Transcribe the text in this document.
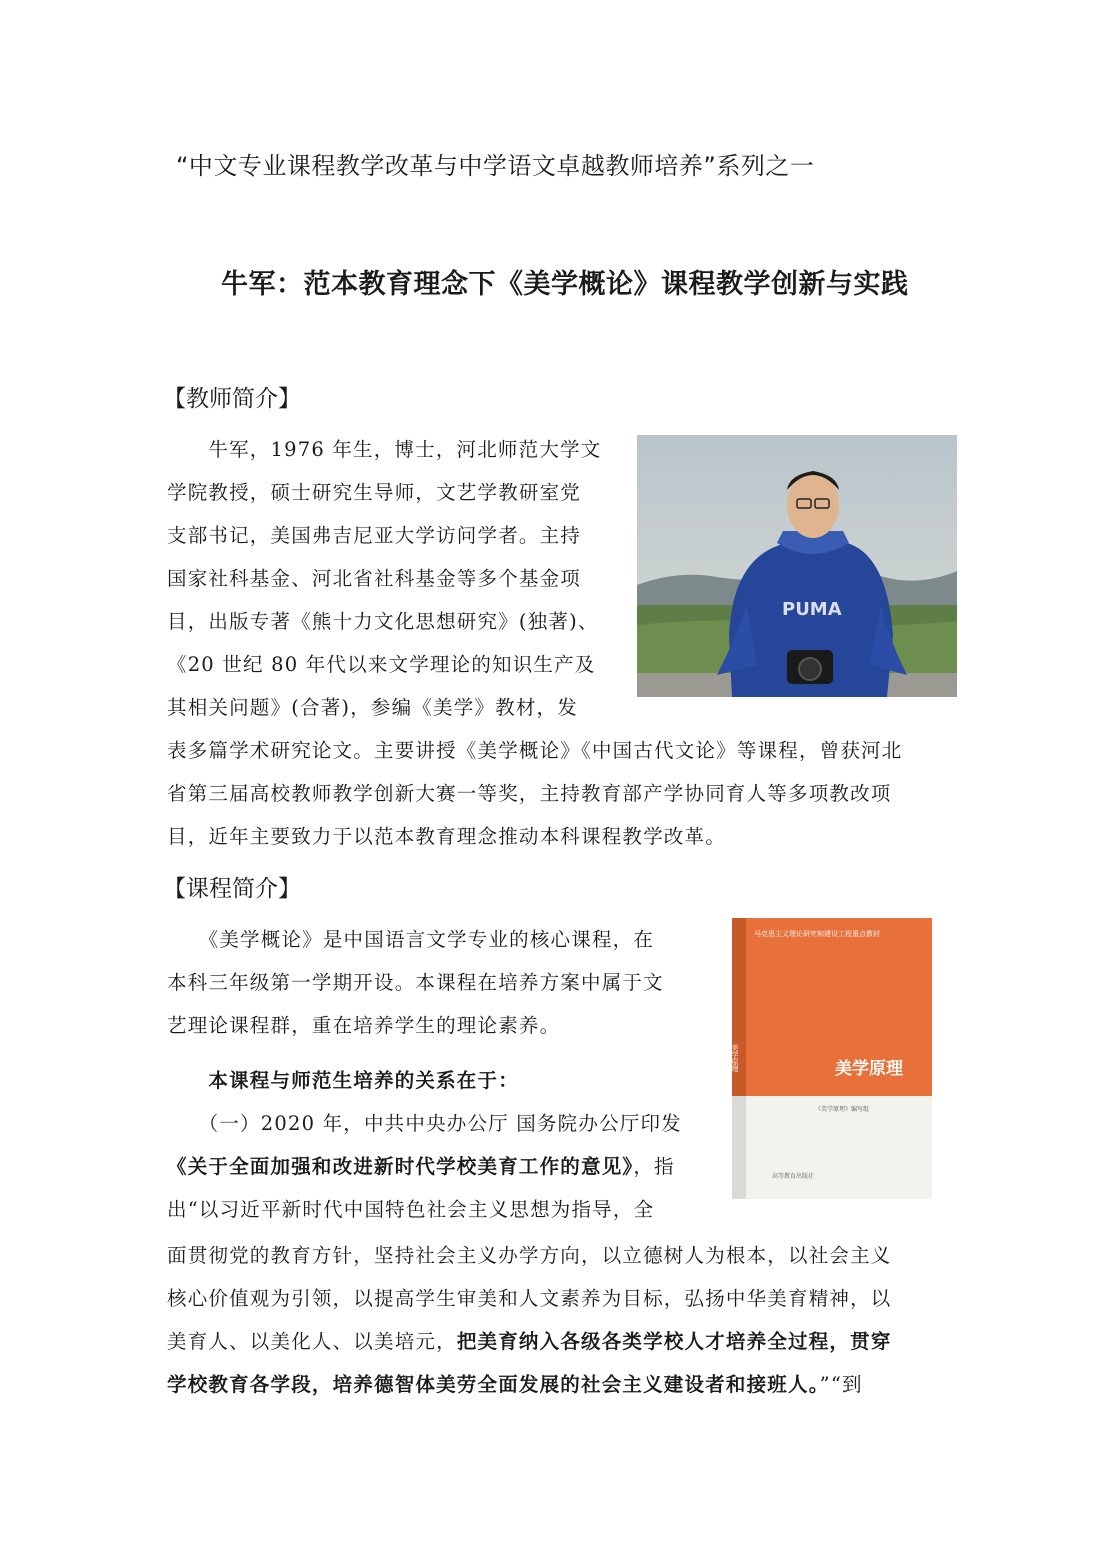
“中文专业课程教学改革与中学语文卓越教师培养”系列之一
牛军：范本教育理念下《美学概论》课程教学创新与实践
【教师简介】
　　牛军，1976 年生，博士，河北师范大学文
学院教授，硕士研究生导师，文艺学教研室党
支部书记，美国弗吉尼亚大学访问学者。主持
国家社科基金、河北省社科基金等多个基金项
目，出版专著《熊十力文化思想研究》(独著)、
《20 世纪 80 年代以来文学理论的知识生产及
其相关问题》(合著)，参编《美学》教材，发
表多篇学术研究论文。主要讲授《美学概论》《中国古代文论》等课程，曾获河北
省第三届高校教师教学创新大赛一等奖，主持教育部产学协同育人等多项教改项
目，近年主要致力于以范本教育理念推动本科课程教学改革。
PUMA
【课程简介】
　　《美学概论》是中国语言文学专业的核心课程，在
本科三年级第一学期开设。本课程在培养方案中属于文
艺理论课程群，重在培养学生的理论素养。
　　本课程与师范生培养的关系在于：
　　（一）2020 年，中共中央办公厅 国务院办公厅印发
《关于全面加强和改进新时代学校美育工作的意见》，指
出“以习近平新时代中国特色社会主义思想为指导，全
面贯彻党的教育方针，坚持社会主义办学方向，以立德树人为根本，以社会主义
核心价值观为引领，以提高学生审美和人文素养为目标，弘扬中华美育精神，以
美育人、以美化人、以美培元，把美育纳入各级各类学校人才培养全过程，贯穿
学校教育各学段，培养德智体美劳全面发展的社会主义建设者和接班人。”“到
马克思主义理论研究和建设工程重点教材
美学原理
《美学原理》编写组
高等教育出版社
美学原理
